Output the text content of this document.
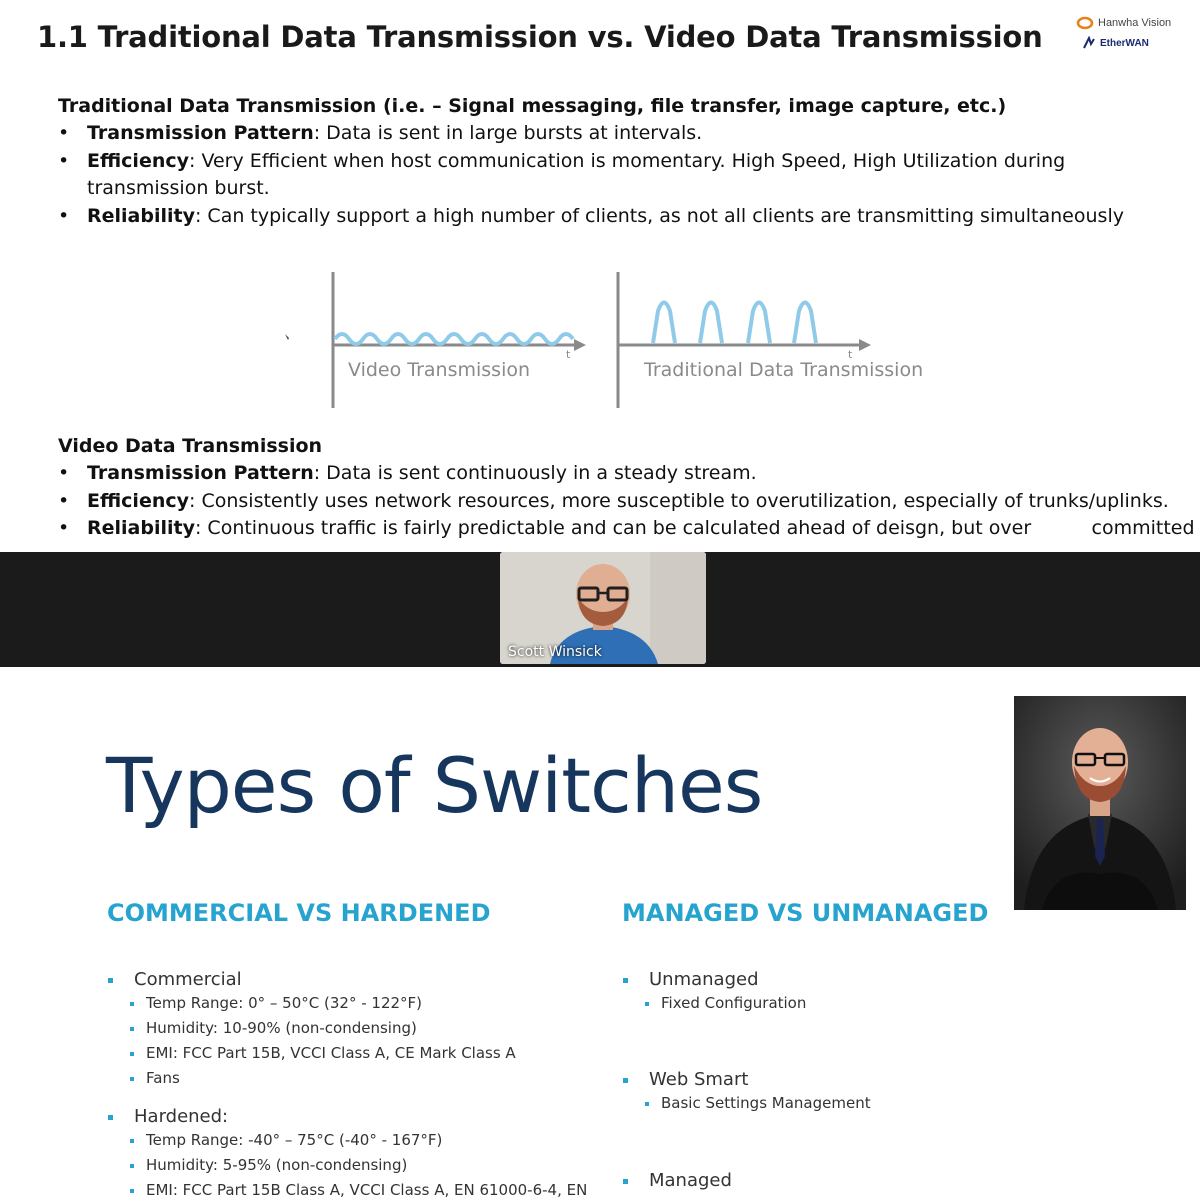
1.1 Traditional Data Transmission vs. Video Data Transmission	Hanwha Vision
EtherWAN
Traditional Data Transmission (i.e. – Signal messaging, file transfer, image capture, etc.)
• Transmission Pattern: Data is sent in large bursts at intervals.
• Efficiency: Very Efficient when host communication is momentary. High Speed, High Utilization during
transmission burst.
• Reliability: Can typically support a high number of clients, as not all clients are transmitting simultaneously
t
Video Transmission
t
Traditional Data Transmission
Video Data Transmission
• Transmission Pattern: Data is sent continuously in a steady stream.
• Efficiency: Consistently uses network resources, more susceptible to overutilization, especially of trunks/uplinks.
• Reliability: Continuous traffic is fairly predictable and can be calculated ahead of deisgn, but over          committed
Scott Winsick
Types of Switches
COMMERCIAL VS HARDENED
Commercial
Temp Range: 0° – 50°C (32° - 122°F)
Humidity: 10-90% (non-condensing)
EMI: FCC Part 15B, VCCI Class A, CE Mark Class A
Fans
Hardened:
Temp Range: -40° – 75°C (-40° - 167°F)
Humidity: 5-95% (non-condensing)
EMI: FCC Part 15B Class A, VCCI Class A, EN 61000-6-4, EN
MANAGED VS UNMANAGED
Unmanaged
Fixed Configuration
Web Smart
Basic Settings Management
Managed
